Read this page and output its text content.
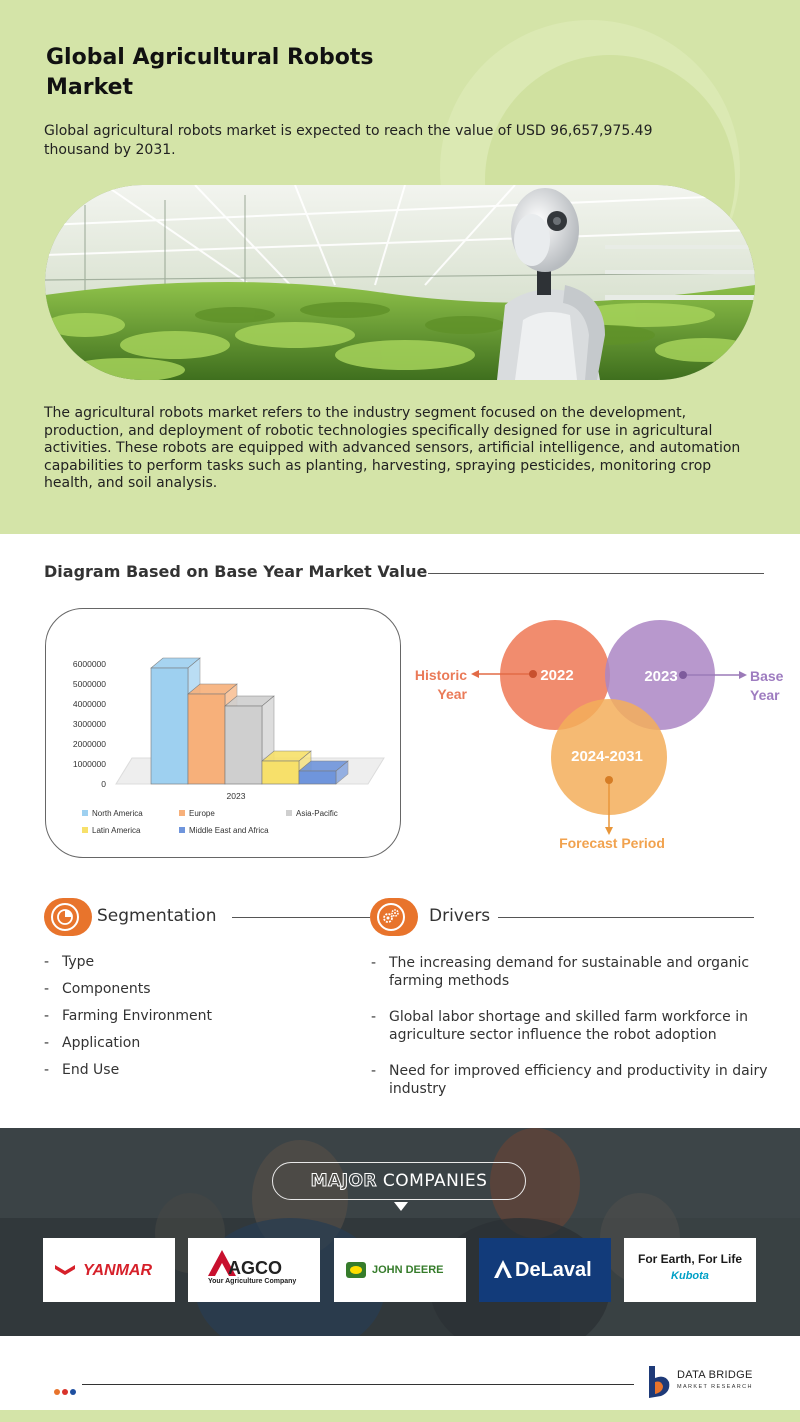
Global Agricultural Robots Market

Global agricultural robots market is expected to reach the value of USD 96,657,975.49 thousand by 2031.

The agricultural robots market refers to the industry segment focused on the development, production, and deployment of robotic technologies specifically designed for use in agricultural activities. These robots are equipped with advanced sensors, artificial intelligence, and automation capabilities to perform tasks such as planting, harvesting, spraying pesticides, monitoring crop health, and soil analysis.

Diagram Based on Base Year Market Value
6000000
5000000
4000000
3000000
2000000
1000000
0
2023
North America	Europe	Asia-Pacific
Latin America	Middle East and Africa
2022	2023
2024-2031
Historic
Year
Base
Year
Forecast Period
Segmentation
- Type
- Components
- Farming Environment
- Application
- End Use
Drivers
- The increasing demand for sustainable and organic farming methods
- Global labor shortage and skilled farm workforce in agriculture sector influence the robot adoption
- Need for improved efficiency and productivity in dairy industry
MAJOR COMPANIES
YANMAR	AGCO
Your Agriculture Company
JOHN DEERE	DeLaval	For Earth, For Life
Kubota
DATA BRIDGE
MARKET RESEARCH
